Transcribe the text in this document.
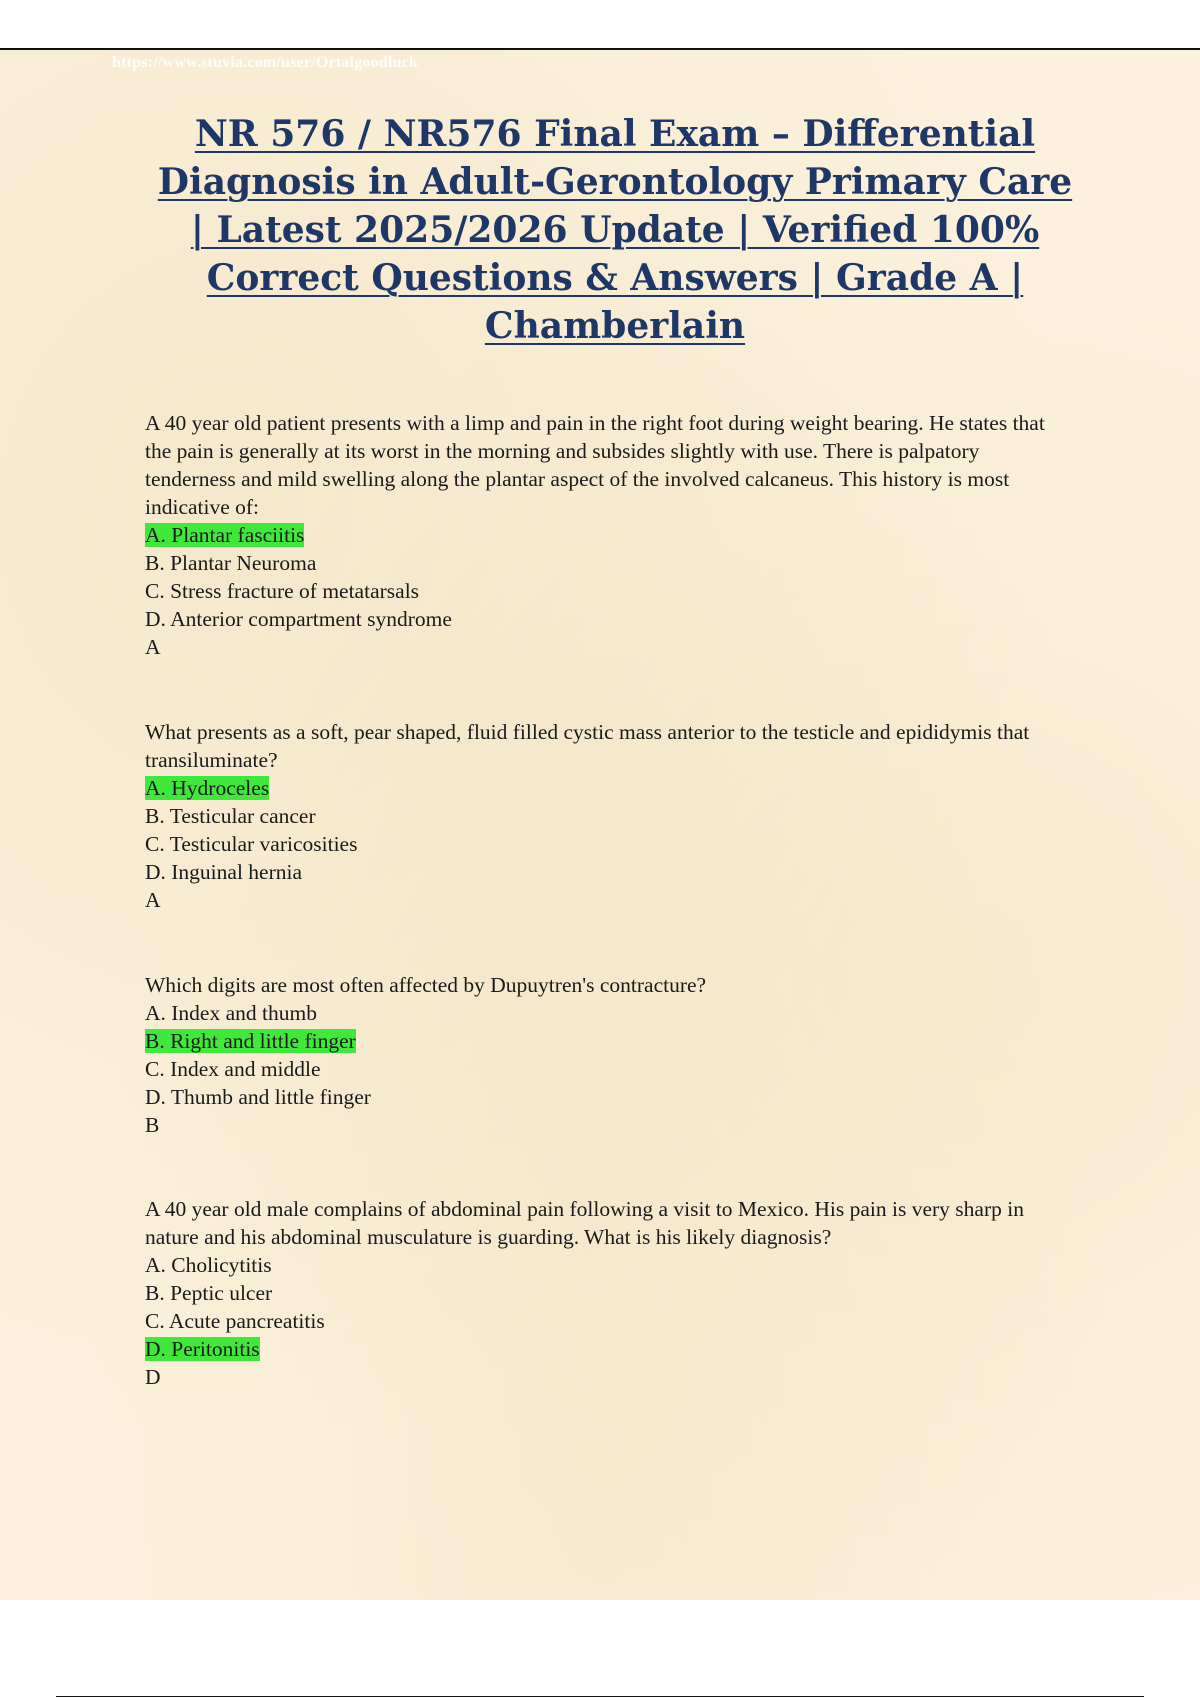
https://www.stuvia.com/user/Ortalgoodluck
NR 576 / NR576 Final Exam – Differential Diagnosis in Adult-Gerontology Primary Care | Latest 2025/2026 Update | Verified 100% Correct Questions & Answers | Grade A | Chamberlain

A 40 year old patient presents with a limp and pain in the right foot during weight bearing. He states that the pain is generally at its worst in the morning and subsides slightly with use. There is palpatory tenderness and mild swelling along the plantar aspect of the involved calcaneus. This history is most indicative of:

A. Plantar fasciitis
B. Plantar Neuroma
C. Stress fracture of metatarsals
D. Anterior compartment syndrome

A

What presents as a soft, pear shaped, fluid filled cystic mass anterior to the testicle and epididymis that transiluminate?

A. Hydroceles
B. Testicular cancer
C. Testicular varicosities
D. Inguinal hernia

A

Which digits are most often affected by Dupuytren's contracture?

A. Index and thumb
B. Right and little finger
C. Index and middle
D. Thumb and little finger

B

A 40 year old male complains of abdominal pain following a visit to Mexico. His pain is very sharp in nature and his abdominal musculature is guarding. What is his likely diagnosis?

A. Cholicytitis
B. Peptic ulcer
C. Acute pancreatitis
D. Peritonitis

D
